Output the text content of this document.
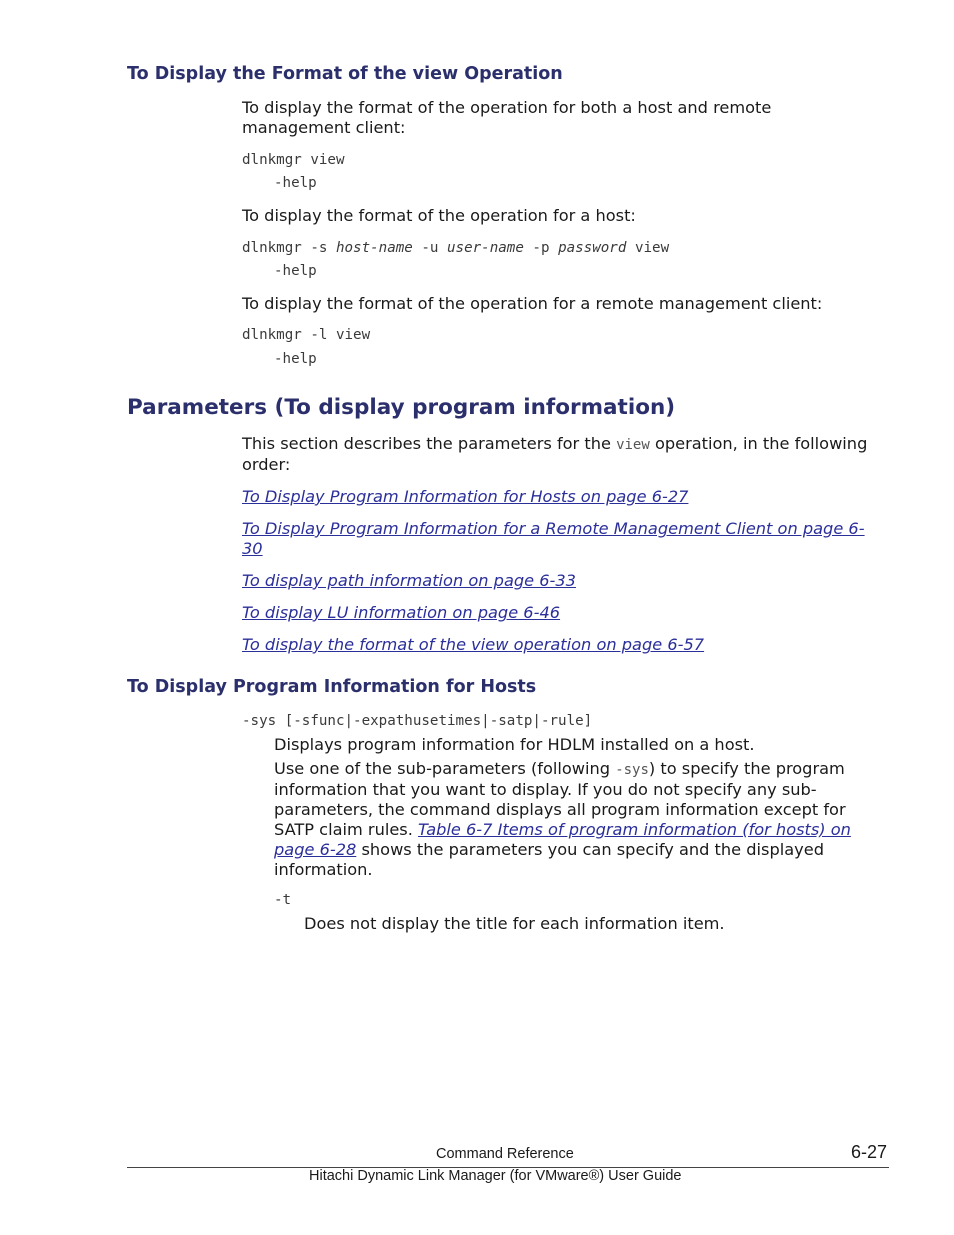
To Display the Format of the view Operation
To display the format of the operation for both a host and remote management client:
dlnkmgr view
-help
To display the format of the operation for a host:
dlnkmgr -s host-name -u user-name -p password view
-help
To display the format of the operation for a remote management client:
dlnkmgr -l view
-help
Parameters (To display program information)
This section describes the parameters for the view operation, in the following order:
To Display Program Information for Hosts on page 6-27
To Display Program Information for a Remote Management Client on page 6-30
To display path information on page 6-33
To display LU information on page 6-46
To display the format of the view operation on page 6-57
To Display Program Information for Hosts
-sys [-sfunc|-expathusetimes|-satp|-rule]
Displays program information for HDLM installed on a host.
Use one of the sub-parameters (following -sys) to specify the program information that you want to display. If you do not specify any sub-parameters, the command displays all program information except for SATP claim rules. Table 6-7 Items of program information (for hosts) on page 6-28 shows the parameters you can specify and the displayed information.
-t
Does not display the title for each information item.
Command Reference	6-27
Hitachi Dynamic Link Manager (for VMware®) User Guide
